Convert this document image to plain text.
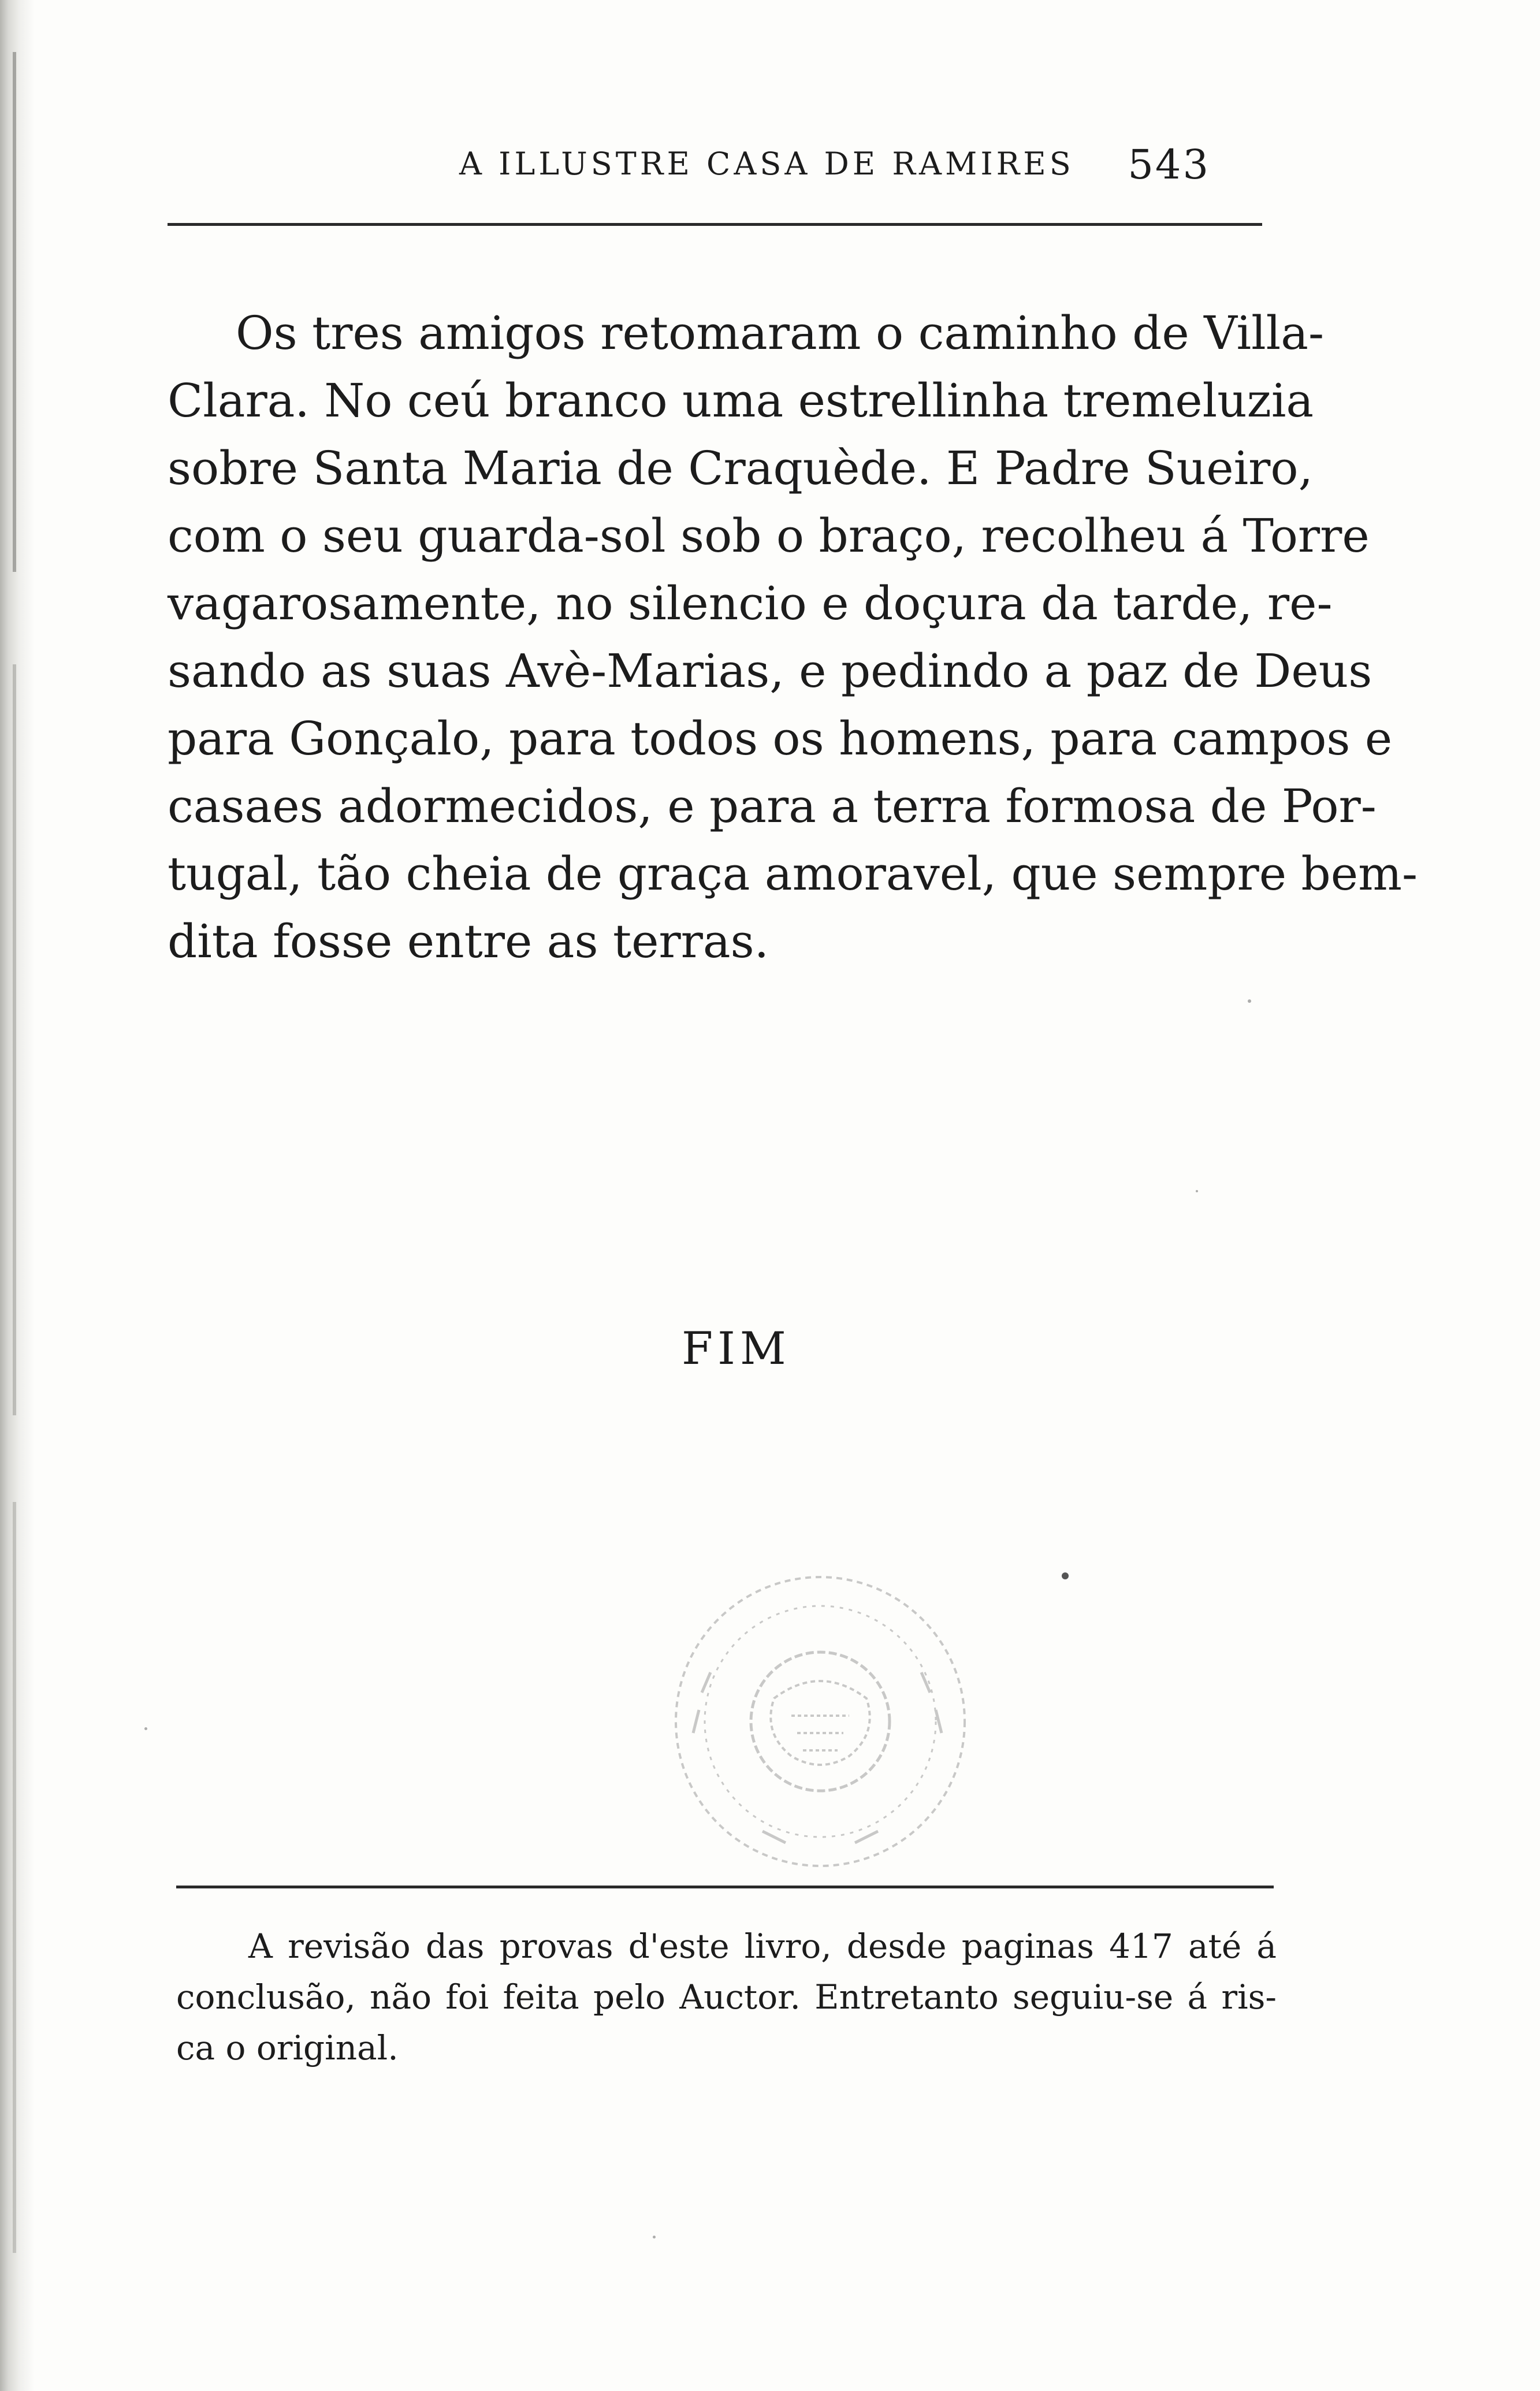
A ILLUSTRE CASA DE RAMIRES 543
Os tres amigos retomaram o caminho de Villa-
Clara. No ceú branco uma estrellinha tremeluzia
sobre Santa Maria de Craquède. E Padre Sueiro,
com o seu guarda-sol sob o braço, recolheu á Torre
vagarosamente, no silencio e doçura da tarde, re-
sando as suas Avè-Marias, e pedindo a paz de Deus
para Gonçalo, para todos os homens, para campos e
casaes adormecidos, e para a terra formosa de Por-
tugal, tão cheia de graça amoravel, que sempre bem-
dita fosse entre as terras.
FIM
A revisão das provas d'este livro, desde paginas 417 até á
conclusão, não foi feita pelo Auctor. Entretanto seguiu-se á ris-
ca o original.
